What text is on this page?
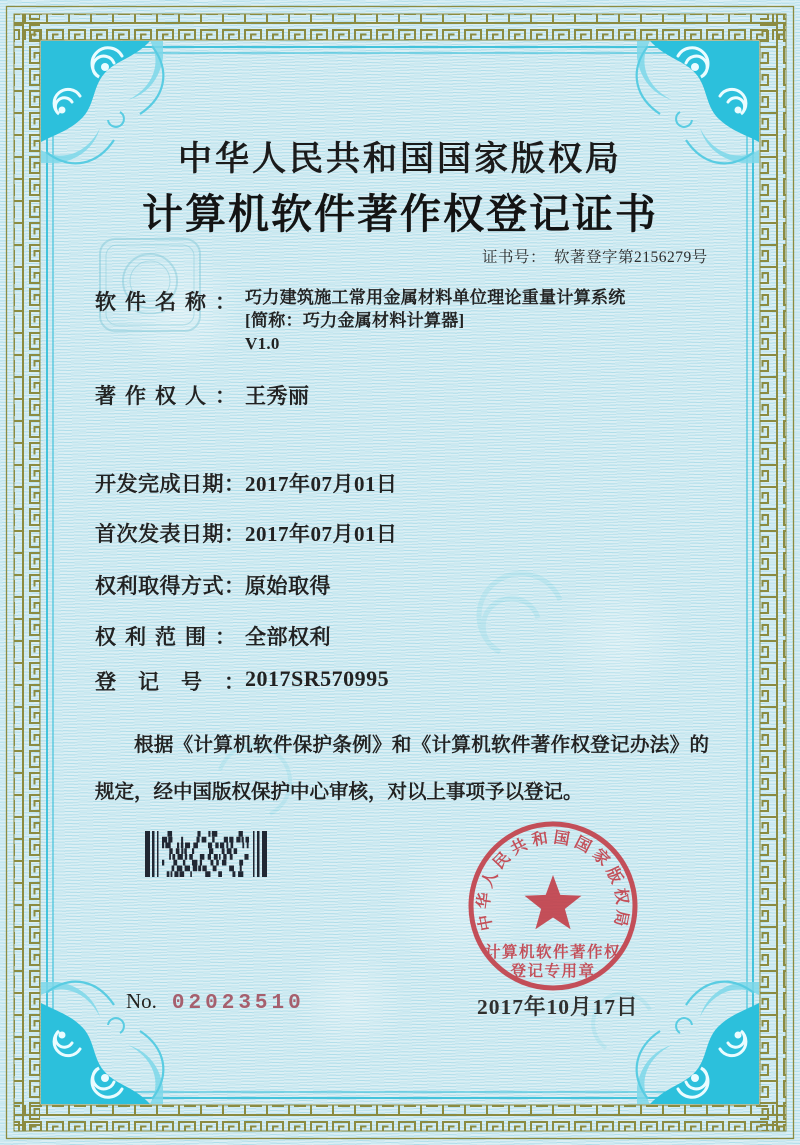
中华人民共和国国家版权局
计算机软件著作权登记证书
证书号： 软著登字第2156279号
软件名称： 巧力建筑施工常用金属材料单位理论重量计算系统
[简称：巧力金属材料计算器]
V1.0
著作权人： 王秀丽
开发完成日期： 2017年07月01日
首次发表日期： 2017年07月01日
权利取得方式： 原始取得
权利范围： 全部权利
登记号：
2017SR570995

根据《计算机软件保护条例》和《计算机软件著作权登记办法》的规定，经中国版权保护中心审核，对以上事项予以登记。

中华人民共和国国家版权局
计算机软件著作权
登记专用章
2017年10月17日
No. 02023510
